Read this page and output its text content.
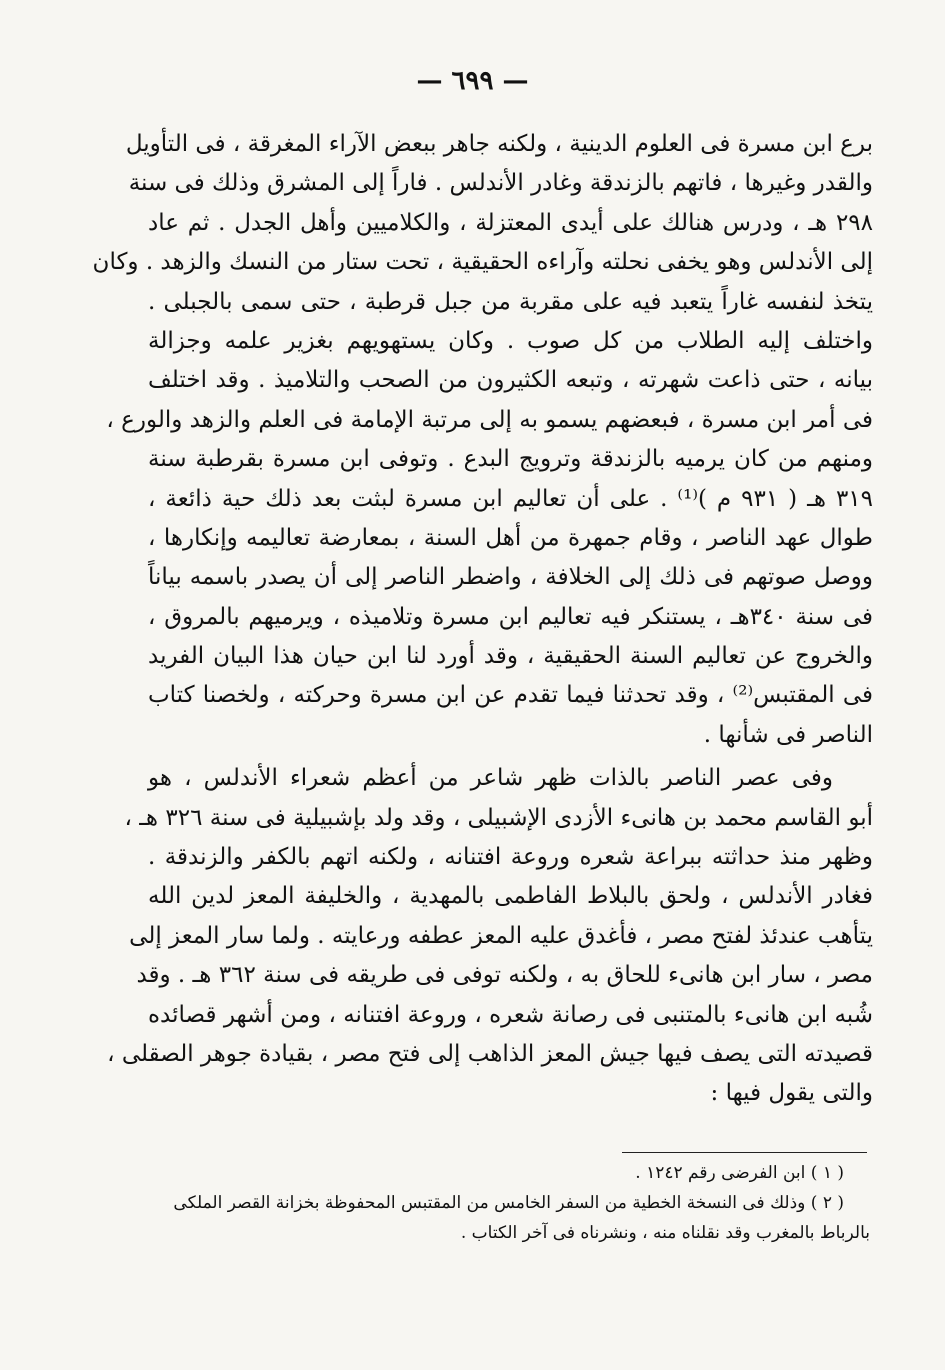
— ٦٩٩ —
برع ابن مسرة فى العلوم الدينية ، ولكنه جاهر ببعض الآراء المغرقة ، فى التأويل
والقدر وغيرها ، فاتهم بالزندقة وغادر الأندلس . فاراً إلى المشرق وذلك فى سنة
٢٩٨ هـ ، ودرس هنالك على أيدى المعتزلة ، والكلاميين وأهل الجدل . ثم عاد
إلى الأندلس وهو يخفى نحلته وآراءه الحقيقية ، تحت ستار من النسك والزهد . وكان
يتخذ لنفسه غاراً يتعبد فيه على مقربة من جبل قرطبة ، حتى سمى بالجبلى .
واختلف إليه الطلاب من كل صوب . وكان يستهويهم بغزير علمه وجزالة
بيانه ، حتى ذاعت شهرته ، وتبعه الكثيرون من الصحب والتلاميذ . وقد اختلف
فى أمر ابن مسرة ، فبعضهم يسمو به إلى مرتبة الإمامة فى العلم والزهد والورع ،
ومنهم من كان يرميه بالزندقة وترويج البدع . وتوفى ابن مسرة بقرطبة سنة
٣١٩ هـ ( ٩٣١ م )⁽¹⁾ . على أن تعاليم ابن مسرة لبثت بعد ذلك حية ذائعة ،
طوال عهد الناصر ، وقام جمهرة من أهل السنة ، بمعارضة تعاليمه وإنكارها ،
ووصل صوتهم فى ذلك إلى الخلافة ، واضطر الناصر إلى أن يصدر باسمه بياناً
فى سنة ٣٤٠هـ ، يستنكر فيه تعاليم ابن مسرة وتلاميذه ، ويرميهم بالمروق ،
والخروج عن تعاليم السنة الحقيقية ، وقد أورد لنا ابن حيان هذا البيان الفريد
فى المقتبس⁽²⁾ ، وقد تحدثنا فيما تقدم عن ابن مسرة وحركته ، ولخصنا كتاب
الناصر فى شأنها .
وفى عصر الناصر بالذات ظهر شاعر من أعظم شعراء الأندلس ، هو
أبو القاسم محمد بن هانىء الأزدى الإشبيلى ، وقد ولد بإشبيلية فى سنة ٣٢٦ هـ ،
وظهر منذ حداثته ببراعة شعره وروعة افتنانه ، ولكنه اتهم بالكفر والزندقة .
فغادر الأندلس ، ولحق بالبلاط الفاطمى بالمهدية ، والخليفة المعز لدين الله
يتأهب عندئذ لفتح مصر ، فأغدق عليه المعز عطفه ورعايته . ولما سار المعز إلى
مصر ، سار ابن هانىء للحاق به ، ولكنه توفى فى طريقه فى سنة ٣٦٢ هـ . وقد
شُبه ابن هانىء بالمتنبى فى رصانة شعره ، وروعة افتنانه ، ومن أشهر قصائده
قصيدته التى يصف فيها جيش المعز الذاهب إلى فتح مصر ، بقيادة جوهر الصقلى ،
والتى يقول فيها :
( ١ ) ابن الفرضى رقم ١٢٤٢ .
( ٢ ) وذلك فى النسخة الخطية من السفر الخامس من المقتبس المحفوظة بخزانة القصر الملكى
بالرباط بالمغرب وقد نقلناه منه ، ونشرناه فى آخر الكتاب .
